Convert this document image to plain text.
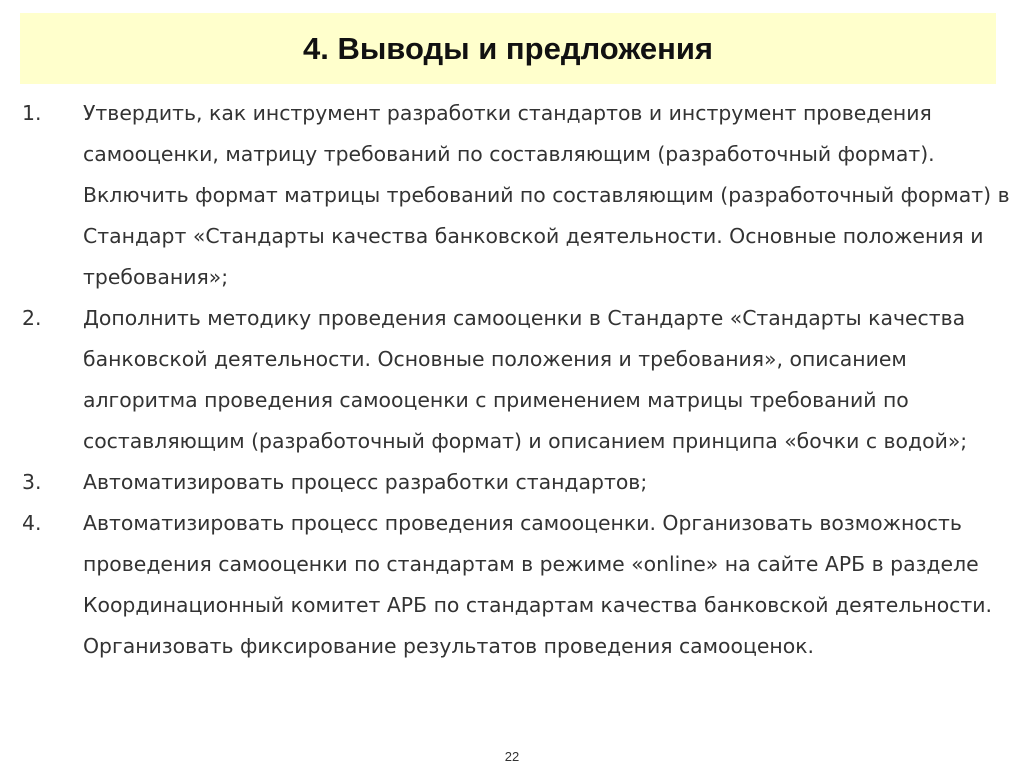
4. Выводы и предложения
1. Утвердить, как инструмент разработки стандартов и инструмент проведения самооценки, матрицу требований по составляющим (разработочный формат). Включить формат матрицы требований по составляющим (разработочный формат) в Стандарт «Стандарты качества банковской деятельности. Основные положения и требования»;
2. Дополнить методику проведения самооценки в Стандарте «Стандарты качества банковской деятельности. Основные положения и требования», описанием алгоритма проведения самооценки с применением матрицы требований по составляющим (разработочный формат) и описанием принципа «бочки с водой»;
3. Автоматизировать процесс разработки стандартов;
4. Автоматизировать процесс проведения самооценки. Организовать возможность проведения самооценки по стандартам в режиме «online» на сайте АРБ в разделе Координационный комитет АРБ по стандартам качества банковской деятельности. Организовать фиксирование результатов проведения самооценок.
22
